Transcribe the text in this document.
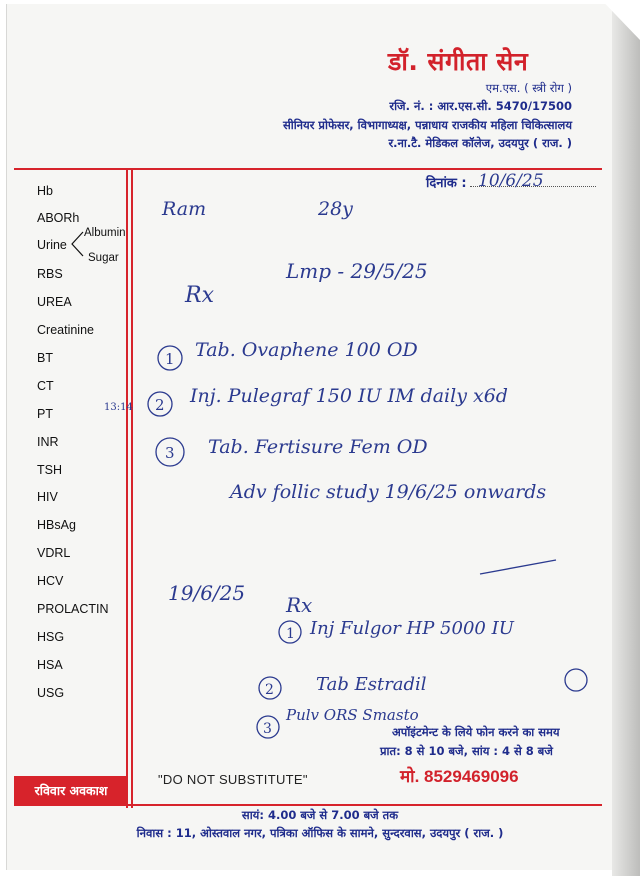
डॉ. संगीता सेन
एम.एस. ( स्त्री रोग )
रजि. नं. : आर.एस.सी. 5470/17500
सीनियर प्रोफेसर, विभागाध्यक्ष, पन्नाधाय राजकीय महिला चिकित्सालय
र.ना.टै. मेडिकल कॉलेज, उदयपुर ( राज. )
दिनांक :
Hb
ABORh
Urine
Albumin
Sugar
RBS
UREA
Creatinine
BT
CT
PT
INR
TSH
HIV
HBsAg
VDRL
HCV
PROLACTIN
HSG
HSA
USG
10/6/25
Ram	28y
Lmp - 29/5/25
Rx
1 Tab. Ovaphene 100 OD
2 Inj. Pulegraf 150 IU IM daily x6d
3 Tab. Fertisure Fem OD
Adv follic study 19/6/25 onwards
13:14
19/6/25 Rx
1 Inj Fulgor HP 5000 IU
2 Tab Estradil
3
Pulv ORS Smasto
अपॉइंटमेन्ट के लिये फोन करने का समय
प्रात: 8 से 10 बजे, सांय : 4 से 8 बजे
रविवार अवकाश
"DO NOT SUBSTITUTE"	मो. 8529469096
सायं: 4.00 बजे से 7.00 बजे तक
निवास : 11, ओस्तवाल नगर, पत्रिका ऑफिस के सामने, सुन्दरवास, उदयपुर ( राज. )
